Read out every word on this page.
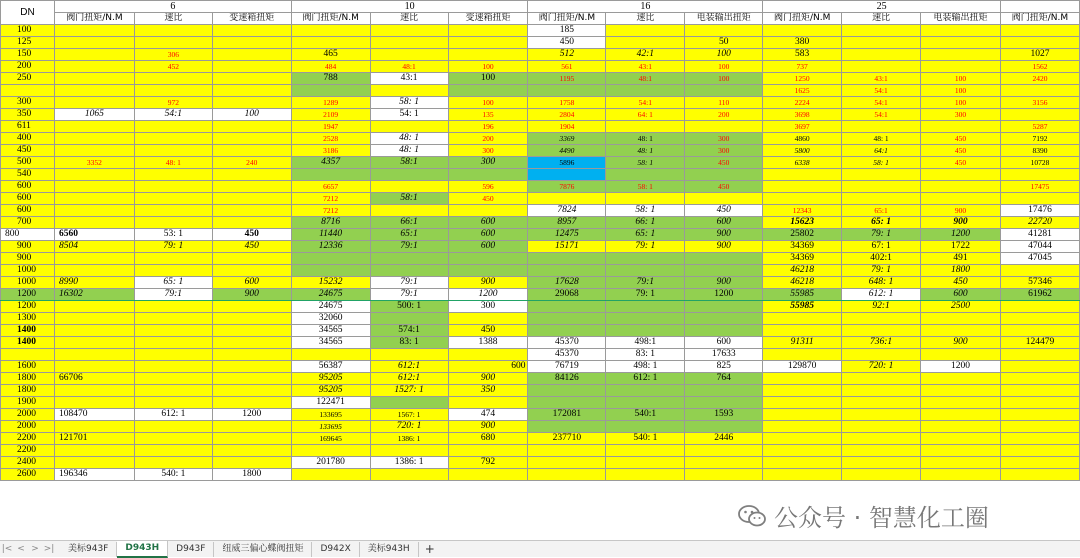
DN	6			10			16			25			
	阀门扭矩/N.M	速比	变速箱扭矩	阀门扭矩/N.M	速比	变速箱扭矩	阀门扭矩/N.M	速比	电装输出扭矩	阀门扭矩/N.M	速比	电装输出扭矩	阀门扭矩/N.M
100							185						
125							450		50	380			
150		306		465			512	42:1	100	583			1027
200		452		484	48:1	100	561	43:1	100	737			1562
250				788	43:1	100	1195	48:1	100	1250	43:1	100	2420
										1625	54:1	100	
300		972		1289	58: 1	100	1758	54:1	110	2224	54:1	100	3156
350	1065	54:1	100	2109	54: 1	135	2804	64: 1	200	3698	54:1	300	
611				1947		196	1904			3697			5287
400				2528	48: 1	200	3369	48: 1	300	4860	48: 1	450	7192
450				3186	48: 1	300	4490	48: 1	300	5800	64:1	450	8390
500	3352	48: 1	240	4357	58:1	300	5896	58: 1	450	6338	58: 1	450	10728
540													
600				6657		596	7876	58: 1	450				17475
600				7212	58:1	450							
600				7212			7824	58: 1	450	12343	65:1	900	17476
700				8716	66:1	600	8957	66: 1	600	15623	65: 1	900	22720
800	6560	53: 1	450	11440	65:1	600	12475	65: 1	900	25802	79: 1	1200	41281
900	8504	79: 1	450	12336	79:1	600	15171	79: 1	900	34369	67: 1	1722	47044
900										34369	402:1	491	47045
1000										46218	79: 1	1800	
1000	8990	65: 1	600	15232	79:1	900	17628	79:1	900	46218	648: 1	450	57346
1200	16302	79:1	900	24675	79:1	1200	29068	79: 1	1200	55985	612: 1	600	61962
1200				24675	500: 1	300				55985	92:1	2500	
1300				32060									
1400				34565	574:1	450							
1400				34565	83: 1	1388	45370	498:1	600	91311	736:1	900	124479
							45370	83: 1	17633				
1600				56387	612:1	600	76719	498: 1	825	129870	720: 1	1200	
1800	66706			95205	612:1	900	84126	612: 1	764				
1800				95205	1527: 1	350							
1900				122471									
2000	108470	612: 1	1200	133695	1567: 1	474	172081	540:1	1593				
2000				133695	720: 1	900							
2200	121701			169645	1386: 1	680	237710	540: 1	2446				
2200													
2400				201780	1386: 1	792							
2600	196346	540: 1	1800										
公众号 · 智慧化工圈
|< < > >|	美标943F	D943H	D943F	纽威三偏心蝶阀扭矩	D942X	美标943H	+
